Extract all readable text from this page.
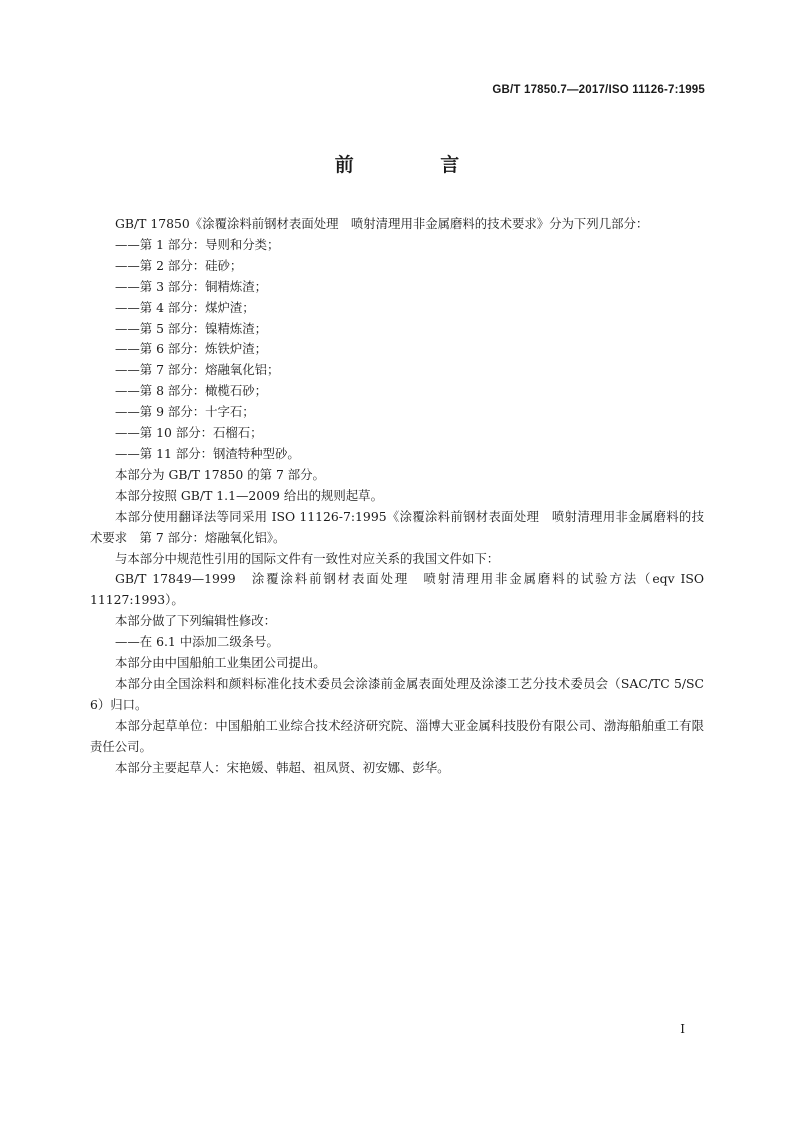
GB/T 17850.7—2017/ISO 11126-7:1995
前 言

GB/T 17850《涂覆涂料前钢材表面处理　喷射清理用非金属磨料的技术要求》分为下列几部分：

——第 1 部分：导则和分类；

——第 2 部分：硅砂；

——第 3 部分：铜精炼渣；

——第 4 部分：煤炉渣；

——第 5 部分：镍精炼渣；

——第 6 部分：炼铁炉渣；

——第 7 部分：熔融氧化铝；

——第 8 部分：橄榄石砂；

——第 9 部分：十字石；

——第 10 部分：石榴石；

——第 11 部分：钢渣特种型砂。

本部分为 GB/T 17850 的第 7 部分。

本部分按照 GB/T 1.1—2009 给出的规则起草。

本部分使用翻译法等同采用 ISO 11126-7:1995《涂覆涂料前钢材表面处理　喷射清理用非金属磨料的技术要求　第 7 部分：熔融氧化铝》。

与本部分中规范性引用的国际文件有一致性对应关系的我国文件如下：

GB/T 17849—1999　涂覆涂料前钢材表面处理　喷射清理用非金属磨料的试验方法（eqv ISO 11127:1993）。

本部分做了下列编辑性修改：

——在 6.1 中添加二级条号。

本部分由中国船舶工业集团公司提出。

本部分由全国涂料和颜料标准化技术委员会涂漆前金属表面处理及涂漆工艺分技术委员会（SAC/TC 5/SC 6）归口。

本部分起草单位：中国船舶工业综合技术经济研究院、淄博大亚金属科技股份有限公司、渤海船舶重工有限责任公司。

本部分主要起草人：宋艳媛、韩超、祖凤贤、初安娜、彭华。

I
